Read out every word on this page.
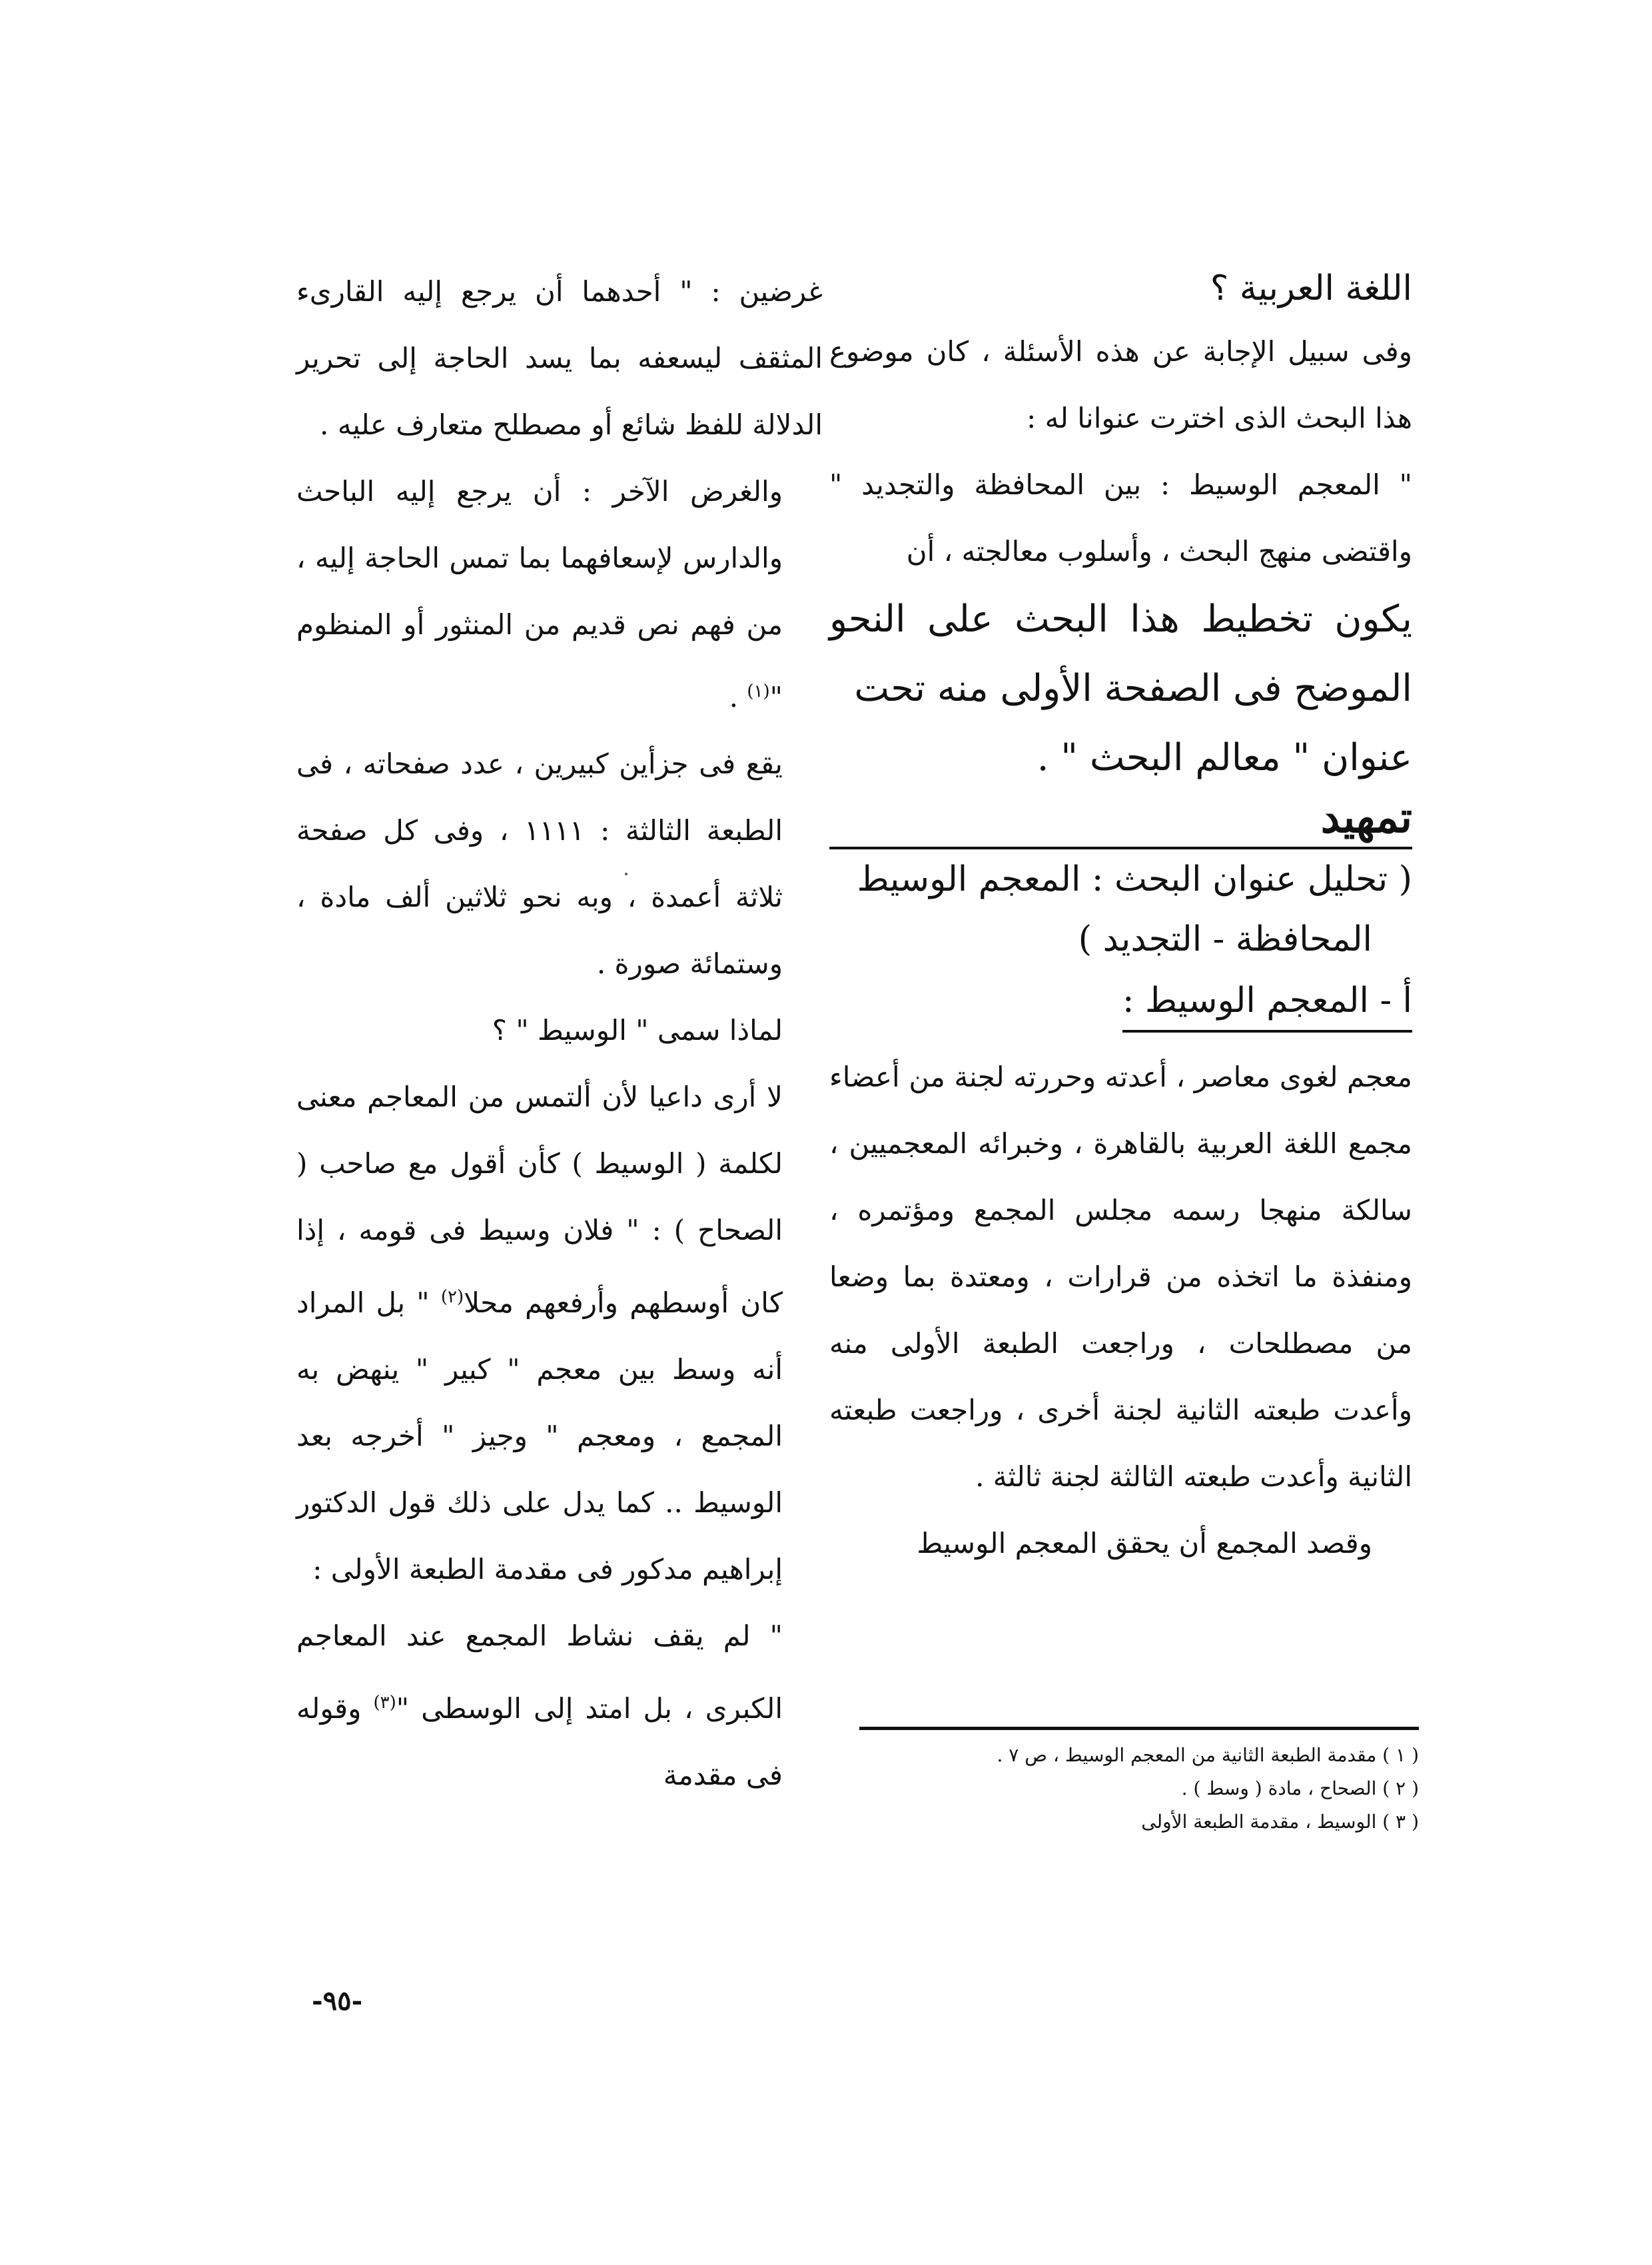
اللغة العربية ؟

وفى سبيل الإجابة عن هذه الأسئلة ، كان موضوع هذا البحث الذى اخترت عنوانا له :

" المعجم الوسيط : بين المحافظة والتجديد " واقتضى منهج البحث ، وأسلوب معالجته ، أن

يكون تخطيط هذا البحث على النحو الموضح فى الصفحة الأولى منه تحت

عنوان " معالم البحث " .

تمهيد

( تحليل عنوان البحث : المعجم الوسيط

المحافظة - التجديد )

أ - المعجم الوسيط :

معجم لغوى معاصر ، أعدته وحررته لجنة من أعضاء مجمع اللغة العربية بالقاهرة ، وخبرائه المعجميين ، سالكة منهجا رسمه مجلس المجمع ومؤتمره ، ومنفذة ما اتخذه من قرارات ، ومعتدة بما وضعا من مصطلحات ، وراجعت الطبعة الأولى منه وأعدت طبعته الثانية لجنة أخرى ، وراجعت طبعته الثانية وأعدت طبعته الثالثة لجنة ثالثة .

وقصد المجمع أن يحقق المعجم الوسيط

غرضين : " أحدهما أن يرجع إليه القارىء المثقف ليسعفه بما يسد الحاجة إلى تحرير الدلالة للفظ شائع أو مصطلح متعارف عليه .

والغرض الآخر : أن يرجع إليه الباحث والدارس لإسعافهما بما تمس الحاجة إليه ، من فهم نص قديم من المنثور أو المنظوم "$^{(١)}$ .

يقع فى جزأين كبيرين ، عدد صفحاته ، فى الطبعة الثالثة : ١١١١ ، وفى كل صفحة ثلاثة أعمدة ، وبه نحو ثلاثين ألف مادة ، وستمائة صورة .

لماذا سمى " الوسيط " ؟

لا أرى داعيا لأن ألتمس من المعاجم معنى لكلمة ( الوسيط ) كأن أقول مع صاحب ( الصحاح ) : " فلان وسيط فى قومه ، إذا كان أوسطهم وأرفعهم محلا$^{(٢)}$ " بل المراد أنه وسط بين معجم " كبير " ينهض به المجمع ، ومعجم " وجيز " أخرجه بعد الوسيط .. كما يدل على ذلك قول الدكتور إبراهيم مدكور فى مقدمة الطبعة الأولى :

" لم يقف نشاط المجمع عند المعاجم الكبرى ، بل امتد إلى الوسطى "$^{(٣)}$ وقوله فى مقدمة

( ١ ) مقدمة الطبعة الثانية من المعجم الوسيط ، ص ٧ .

( ٢ ) الصحاح ، مادة ( وسط ) .

( ٣ ) الوسيط ، مقدمة الطبعة الأولى

-٩٥-
